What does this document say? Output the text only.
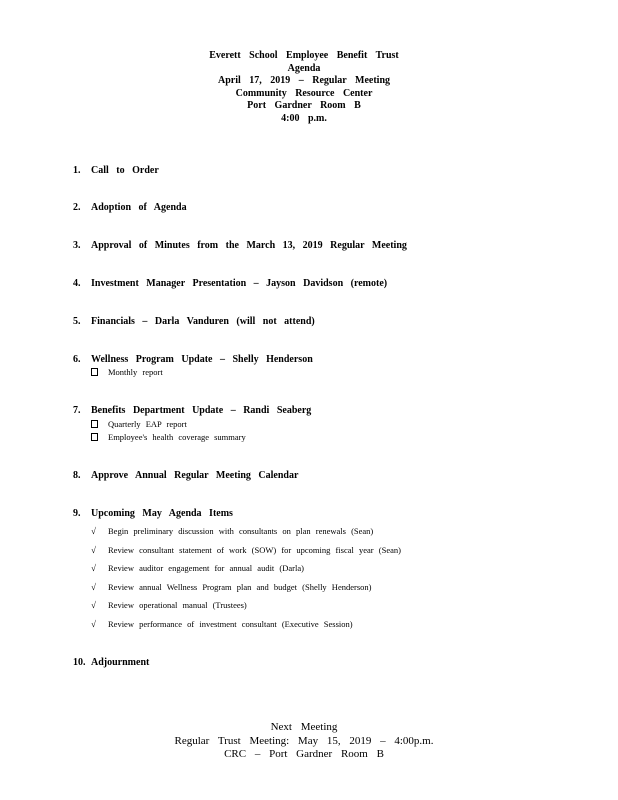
Everett School Employee Benefit Trust
Agenda
April 17, 2019 – Regular Meeting
Community Resource Center
Port Gardner Room B
4:00 p.m.
1. Call to Order
2. Adoption of Agenda
3. Approval of Minutes from the March 13, 2019 Regular Meeting
4. Investment Manager Presentation – Jayson Davidson (remote)
5. Financials – Darla Vanduren (will not attend)
6. Wellness Program Update – Shelly Henderson
Monthly report
7. Benefits Department Update – Randi Seaberg
Quarterly EAP report
Employee's health coverage summary
8. Approve Annual Regular Meeting Calendar
9. Upcoming May Agenda Items
√ Begin preliminary discussion with consultants on plan renewals (Sean)
√ Review consultant statement of work (SOW) for upcoming fiscal year (Sean)
√ Review auditor engagement for annual audit (Darla)
√ Review annual Wellness Program plan and budget (Shelly Henderson)
√ Review operational manual (Trustees)
√ Review performance of investment consultant (Executive Session)
10. Adjournment
Next Meeting
Regular Trust Meeting: May 15, 2019 – 4:00p.m.
CRC – Port Gardner Room B
